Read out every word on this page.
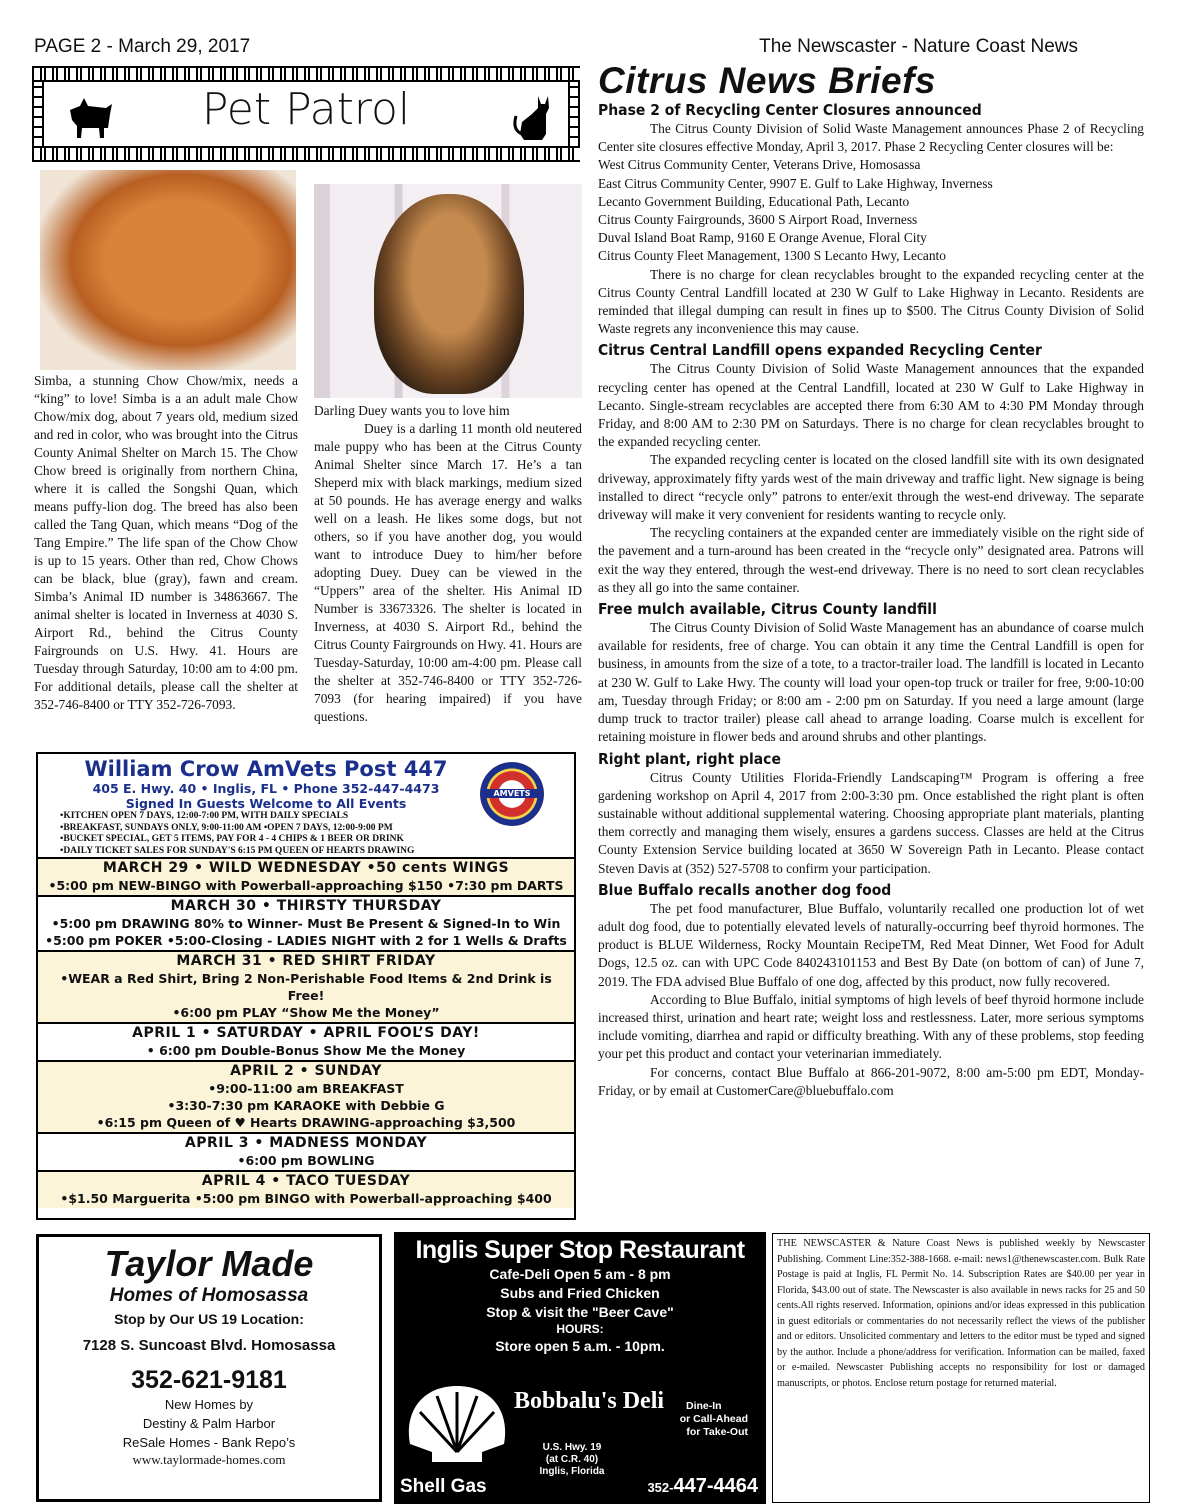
PAGE 2 - March 29, 2017	The Newscaster - Nature Coast News
Pet Patrol
Simba, a stunning Chow Chow/mix, needs a “king” to love! Simba is a an adult male Chow Chow/mix dog, about 7 years old, medium sized and red in color, who was brought into the Citrus County Animal Shelter on March 15. The Chow Chow breed is originally from northern China, where it is called the Songshi Quan, which means puffy-lion dog. The breed has also been called the Tang Quan, which means “Dog of the Tang Empire.” The life span of the Chow Chow is up to 15 years. Other than red, Chow Chows can be black, blue (gray), fawn and cream. Simba’s Animal ID number is 34863667. The animal shelter is located in Inverness at 4030 S. Airport Rd., behind the Citrus County Fairgrounds on U.S. Hwy. 41. Hours are Tuesday through Saturday, 10:00 am to 4:00 pm. For additional details, please call the shelter at 352-746-8400 or TTY 352-726-7093.
Darling Duey wants you to love him
Duey is a darling 11 month old neutered male puppy who has been at the Citrus County Animal Shelter since March 17. He’s a tan Sheperd mix with black markings, medium sized at 50 pounds. He has average energy and walks well on a leash. He likes some dogs, but not others, so if you have another dog, you would want to introduce Duey to him/her before adopting Duey. Duey can be viewed in the “Uppers” area of the shelter. His Animal ID Number is 33673326. The shelter is located in Inverness, at 4030 S. Airport Rd., behind the Citrus County Fairgrounds on Hwy. 41. Hours are Tuesday-Saturday, 10:00 am-4:00 pm. Please call the shelter at 352-746-8400 or TTY 352-726-7093 (for hearing impaired) if you have questions.
AMVETS
William Crow AmVets Post 447
405 E. Hwy. 40 • Inglis, FL • Phone 352-447-4473
Signed In Guests Welcome to All Events
•KITCHEN OPEN 7 DAYS, 12:00-7:00 PM, WITH DAILY SPECIALS
•BREAKFAST, SUNDAYS ONLY, 9:00-11:00 AM •OPEN 7 DAYS, 12:00-9:00 PM
•BUCKET SPECIAL, GET 5 ITEMS, PAY FOR 4 - 4 CHIPS & 1 BEER OR DRINK
•DAILY TICKET SALES FOR SUNDAY'S 6:15 PM QUEEN OF HEARTS DRAWING
MARCH 29 • WILD WEDNESDAY •50 cents WINGS
•5:00 pm NEW-BINGO with Powerball-approaching $150 •7:30 pm DARTS
MARCH 30 • THIRSTY THURSDAY
•5:00 pm DRAWING 80% to Winner- Must Be Present & Signed-In to Win
•5:00 pm POKER •5:00-Closing - LADIES NIGHT with 2 for 1 Wells & Drafts
MARCH 31 • RED SHIRT FRIDAY
•WEAR a Red Shirt, Bring 2 Non-Perishable Food Items & 2nd Drink is Free!
•6:00 pm PLAY “Show Me the Money”
APRIL 1 • SATURDAY • APRIL FOOL’S DAY!
• 6:00 pm Double-Bonus Show Me the Money
APRIL 2 • SUNDAY
•9:00-11:00 am BREAKFAST
•3:30-7:30 pm KARAOKE with Debbie G
•6:15 pm Queen of ♥ Hearts DRAWING-approaching $3,500
APRIL 3 • MADNESS MONDAY
•6:00 pm BOWLING
APRIL 4 • TACO TUESDAY
•$1.50 Marguerita •5:00 pm BINGO with Powerball-approaching $400
Taylor Made
Homes of Homosassa
Stop by Our US 19 Location:
7128 S. Suncoast Blvd. Homosassa
352-621-9181
New Homes by
Destiny & Palm Harbor
ReSale Homes - Bank Repo’s
www.taylormade-homes.com
Inglis Super Stop Restaurant
Cafe-Deli Open 5 am - 8 pm
Subs and Fried Chicken
Stop & visit the "Beer Cave"
HOURS:
Store open 5 a.m. - 10pm.
Shell Gas
Bobbalu's Deli	Dine-In
or Call-Ahead
for Take-Out
U.S. Hwy. 19
(at C.R. 40)
Inglis, Florida
352-447-4464
THE NEWSCASTER & Nature Coast News is published weekly by Newscaster Publishing. Comment Line:352-388-1668. e-mail: news1@thenewscaster.com. Bulk Rate Postage is paid at Inglis, FL Permit No. 14. Subscription Rates are $40.00 per year in Florida, $43.00 out of state. The Newscaster is also available in news racks for 25 and 50 cents.All rights reserved. Information, opinions and/or ideas expressed in this publication in guest editorials or commentaries do not necessarily reflect the views of the publisher and or editors. Unsolicited commentary and letters to the editor must be typed and signed by the author. Include a phone/address for verification. Information can be mailed, faxed or e-mailed. Newscaster Publishing accepts no responsibility for lost or damaged manuscripts, or photos. Enclose return postage for returned material.
Citrus News Briefs
Phase 2 of Recycling Center Closures announced
The Citrus County Division of Solid Waste Management announces Phase 2 of Recycling Center site closures effective Monday, April 3, 2017. Phase 2 Recycling Center closures will be:
West Citrus Community Center, Veterans Drive, Homosassa
East Citrus Community Center, 9907 E. Gulf to Lake Highway, Inverness
Lecanto Government Building, Educational Path, Lecanto
Citrus County Fairgrounds, 3600 S Airport Road, Inverness
Duval Island Boat Ramp, 9160 E Orange Avenue, Floral City
Citrus County Fleet Management, 1300 S Lecanto Hwy, Lecanto
There is no charge for clean recyclables brought to the expanded recycling center at the Citrus County Central Landfill located at 230 W Gulf to Lake Highway in Lecanto. Residents are reminded that illegal dumping can result in fines up to $500. The Citrus County Division of Solid Waste regrets any inconvenience this may cause.
Citrus Central Landfill opens expanded Recycling Center
The Citrus County Division of Solid Waste Management announces that the expanded recycling center has opened at the Central Landfill, located at 230 W Gulf to Lake Highway in Lecanto. Single-stream recyclables are accepted there from 6:30 AM to 4:30 PM Monday through Friday, and 8:00 AM to 2:30 PM on Saturdays. There is no charge for clean recyclables brought to the expanded recycling center.
The expanded recycling center is located on the closed landfill site with its own designated driveway, approximately fifty yards west of the main driveway and traffic light. New signage is being installed to direct “recycle only” patrons to enter/exit through the west-end driveway. The separate driveway will make it very convenient for residents wanting to recycle only.
The recycling containers at the expanded center are immediately visible on the right side of the pavement and a turn-around has been created in the “recycle only” designated area. Patrons will exit the way they entered, through the west-end driveway. There is no need to sort clean recyclables as they all go into the same container.
Free mulch available, Citrus County landfill
The Citrus County Division of Solid Waste Management has an abundance of coarse mulch available for residents, free of charge. You can obtain it any time the Central Landfill is open for business, in amounts from the size of a tote, to a tractor-trailer load. The landfill is located in Lecanto at 230 W. Gulf to Lake Hwy. The county will load your open-top truck or trailer for free, 9:00-10:00 am, Tuesday through Friday; or 8:00 am - 2:00 pm on Saturday. If you need a large amount (large dump truck to tractor trailer) please call ahead to arrange loading. Coarse mulch is excellent for retaining moisture in flower beds and around shrubs and other plantings.
Right plant, right place
Citrus County Utilities Florida-Friendly Landscaping™ Program is offering a free gardening workshop on April 4, 2017 from 2:00-3:30 pm. Once established the right plant is often sustainable without additional supplemental watering. Choosing appropriate plant materials, planting them correctly and managing them wisely, ensures a gardens success. Classes are held at the Citrus County Extension Service building located at 3650 W Sovereign Path in Lecanto. Please contact Steven Davis at (352) 527-5708 to confirm your participation.
Blue Buffalo recalls another dog food
The pet food manufacturer, Blue Buffalo, voluntarily recalled one production lot of wet adult dog food, due to potentially elevated levels of naturally-occurring beef thyroid hormones. The product is BLUE Wilderness, Rocky Mountain RecipeTM, Red Meat Dinner, Wet Food for Adult Dogs, 12.5 oz. can with UPC Code 840243101153 and Best By Date (on bottom of can) of June 7, 2019. The FDA advised Blue Buffalo of one dog, affected by this product, now fully recovered.
According to Blue Buffalo, initial symptoms of high levels of beef thyroid hormone include increased thirst, urination and heart rate; weight loss and restlessness. Later, more serious symptoms include vomiting, diarrhea and rapid or difficulty breathing. With any of these problems, stop feeding your pet this product and contact your veterinarian immediately.
For concerns, contact Blue Buffalo at 866-201-9072, 8:00 am-5:00 pm EDT, Monday-Friday, or by email at CustomerCare@bluebuffalo.com
